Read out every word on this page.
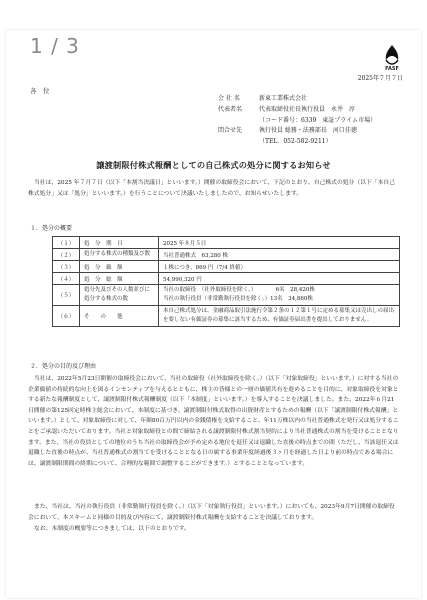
1 / 3
FASF
2025年７月７日
各　位
会 社 名	新東工業株式会社
代表者名	代表取締役社長執行役員　永井　淳
（コード番号：6339　東証プライム市場）
問合せ先	執行役員 総務・法務部長　河口佳徳
（TEL．052-582-9211）
譲渡制限付株式報酬としての自己株式の処分に関するお知らせ
当社は、2025 年７月７日（以下「本割当決議日」といいます。）開催の取締役会において、下記のとおり、自己株式の処分（以下「本自己株式処分」又は「処分」といいます。）を行うことについて決議いたしましたので、お知らせいたします。
１．処分の概要
（１）	処　分　期　日	2025 年８月５日
（２）	処分する株式の種類及び数	当社普通株式　63,280 株
（３）	処　分　価　額	１株につき、869 円（7/4 終値）
（４）	処　分　総　額	54,990,320 円
（５）	処分先及びその人数並びに処分する株式の数	当社の取締役　（社外取締役を除く。）　　　　6名　28,420株
当社の執行役員（非常勤執行役員を除く。）13名　34,860株

（６）	そ　　の　　他	本自己株式処分は、金融商品取引法施行令第２条の１２第１号に定める募集又は売出しの届出を要しない有価証券の募集に該当するため、有価証券届出書を提出しておりません。
２．処分の目的及び理由
当社は、2022年5月23日開催の取締役会において、当社の取締役（社外取締役を除く。）（以下「対象取締役」といいます。）に対する当社の企業価値の持続的な向上を図るインセンティブを与えるとともに、株主の皆様との一層の価値共有を進めることを目的に、対象取締役を対象とする新たな報酬制度として、譲渡制限付株式報酬制度（以下「本制度」といいます。）を導入することを決議しました。また、2022年６月21日開催の第125回定時株主総会において、本制度に基づき、譲渡制限付株式取得の出資財産とするための報酬（以下「譲渡制限付株式報酬」といいます。）として、対象取締役に対して、年額80百万円以内の金銭債権を支給すること、年11万株以内の当社普通株式を発行又は処分することをご承認いただいております。当社と対象取締役との間で締結される譲渡制限付株式割当契約により当社普通株式の割当を受けることとなります。また、当社の役員としての地位のうち当社の取締役会が予め定める地位を退任又は退職した直後の時点までの間（ただし、当該退任又は退職した直後の時点が、当社普通株式の割当てを受けることとなる日の属する事業年度経過後３ヶ月を経過した日より前の時点である場合には、譲渡制限期間の終期について、合理的な範囲で調整することができます。）とすることとなっています。
また、当社は、当社の執行役員（非常勤執行役員を除く。）（以下「対象執行役員」といいます。）においても、2023年9月7日開催の取締役会において、本スキームと同様の目的及び内容にて、譲渡制限付株式報酬を支給することを決議しております。
なお、本制度の概要等につきましては、以下のとおりです。
